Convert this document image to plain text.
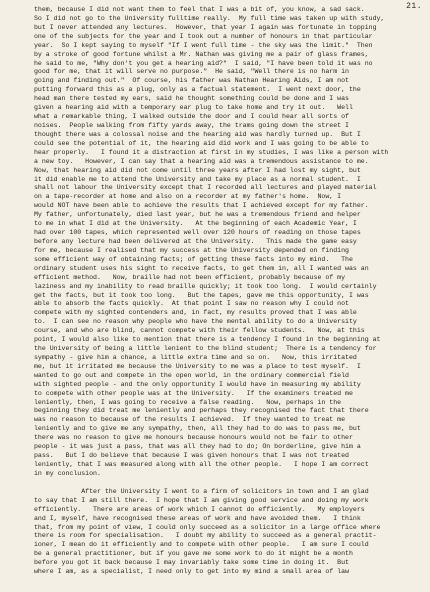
21.
them, because I did not want them to feel that I was a bit of, you know, a sad sack.
So I did not go to the University fulltime really.  My full time was taken up with study,
but I never attended any lectures.  However, that year I again was fortunate in topping
one of the subjects for the year and I took out a number of honours in that particular
year.  So I kept saying to myself "If I went full time - the sky was the limit."  Then
by a stroke of good fortune whilst a Mr. Nathan was giving me a pair of glass frames,
he said to me, "Why don't you get a hearing aid?"  I said, "I have been told it was no
good for me, that it will serve no purpose."  He said, "Well there is no harm in
going and finding out."  Of course, his father was Nathan Hearing Aids, I am not
putting forward this as a plug, only as a factual statement.  I went next door, the
head man there tested my ears, said he thought something could be done and I was
given a hearing aid with a temporary ear plug to take home and try it out.   Well
what a remarkable thing, I walked outside the door and I could hear all sorts of
noises.  People walking from fifty yards away, the trams going down the street I
thought there was a colossal noise and the hearing aid was hardly turned up.  But I
could see the potential of it, the hearing aid did work and I was going to be able to
hear properly.   I found it a distraction at first in my studies, I was like a person with
a new toy.   However, I can say that a hearing aid was a tremendous assistance to me.
Now, that hearing aid did not come until three years after I had lost my sight, but
it did enable me to attend the University and take my place as a normal student.  I
shall not labour the University except that I recorded all lectures and played material
on a tape-recorder at home and also on a recorder at my father's home.  Now, I
would NOT have been able to achieve the results that I achieved except for my father.
My father, unfortunately, died last year, but he was a tremendous friend and helper
to me in what I did at the University.   At the beginning of each Academic Year, I
had over 100 tapes, which represented well over 120 hours of reading on those tapes
before any lecture had been delivered at the University.   This made the game easy
for me, because I realised that my success at the University depended on finding
some efficient way of obtaining facts; of getting these facts into my mind.   The
ordinary student uses his sight to receive facts, to get them in, all I wanted was an
efficient method.   Now, braille had not been efficient, probably because of my
laziness and my inability to read braille quickly; it took too long.  I would certainly
get the facts, but it took too long.   But the tapes, gave me this opportunity, I was
able to absorb the facts quickly.  At that point I saw no reason why I could not
compete with my sighted contenders and, in fact, my results proved that I was able
to.  I can see no reason why people who have the mental ability to do a University
course, and who are blind, cannot compete with their fellow students.   Now, at this
point, I would also like to mention that there is a tendency I found in the beginning at
the University of being a little lenient to the blind student;  There is a tendency for
sympathy - give him a chance, a little extra time and so on.   Now, this irritated
me, but it irritated me because the University to me was a place to test myself.  I
wanted to go out and compete in the open world, in the ordinary commercial field
with sighted people - and the only opportunity I would have in measuring my ability
to compete with other people was at the University.   If the examiners treated me
leniently, then, I was going to receive a false reading.   Now, perhaps in the
beginning they did treat me leniently and perhaps they recognised the fact that there
was no reason to because of the results I achieved.  If they wanted to treat me
leniently and to give me any sympathy, then, all they had to do was to pass me, but
there was no reason to give me honours because honours would not be fair to other
people - it was just a pass, that was all they had to do; On borderline, give him a
pass.   But I do believe that because I was given honours that I was not treated
leniently, that I was measured along with all the other people.   I hope I am correct
in my conclusion.
After the University I went to a firm of solicitors in town and I am glad
to say that I am still there.  I hope that I am giving good service and doing my work
efficiently.   There are areas of work which I cannot do efficiently.   My employers
and I, myself, have recognised these areas of work and have avoided them.   I think
that, from my point of view, I could only succeed as a solicitor in a large office where
there is room for specialisation.   I doubt my ability to succeed as a general practit-
ioner, I mean do it efficiently and to compete with other people.   I am sure I could
be a general practitioner, but if you gave me some work to do it might be a month
before you got it back because I may invariably take some time in doing it.  But
where I am, as a specialist, I need only to get into my mind a small area of law
